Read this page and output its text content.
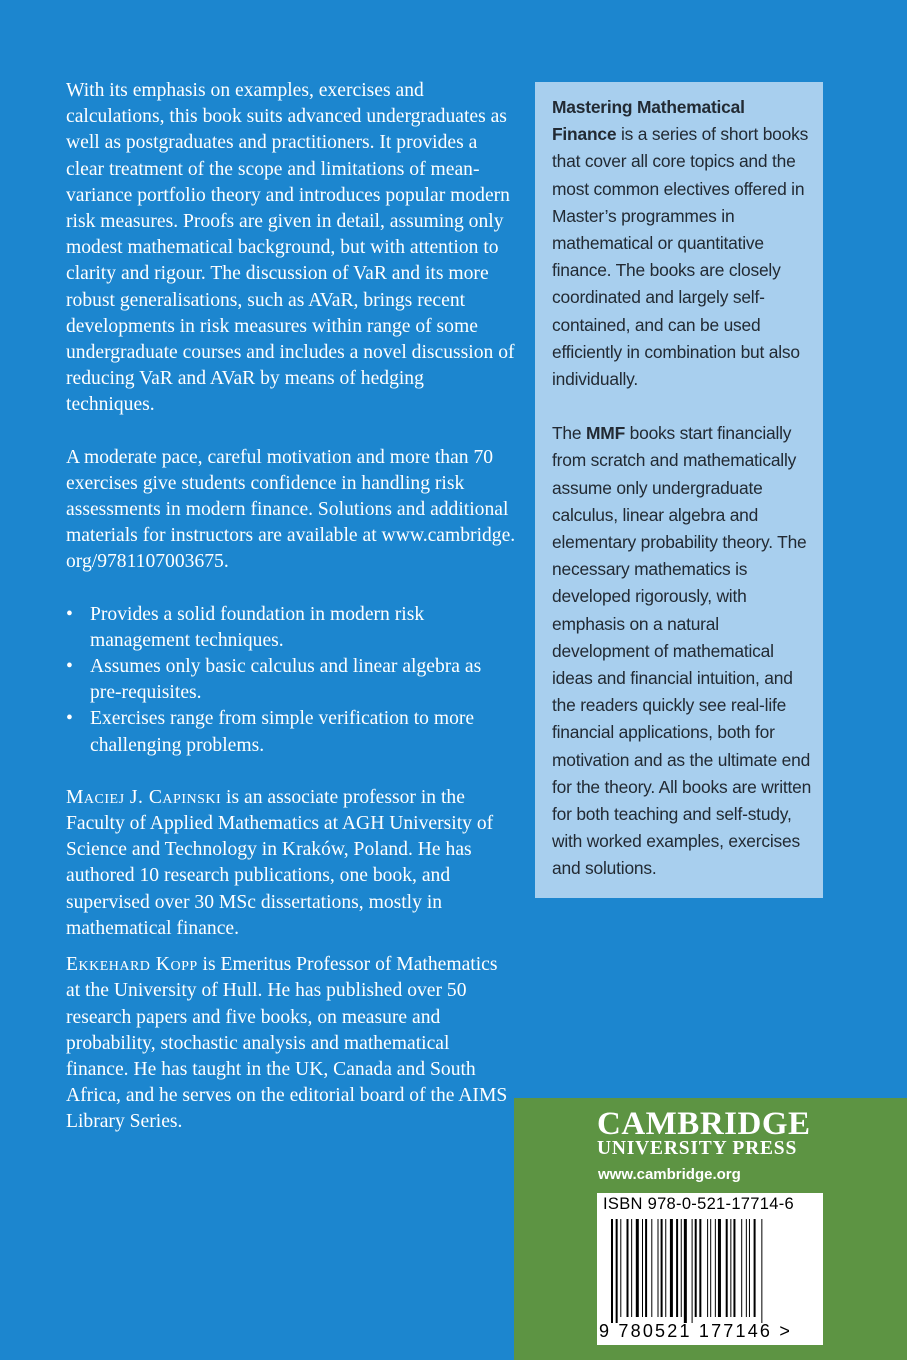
With its emphasis on examples, exercises and calculations, this book suits advanced undergraduates as well as postgraduates and practitioners. It provides a clear treatment of the scope and limitations of mean-variance portfolio theory and introduces popular modern risk measures. Proofs are given in detail, assuming only modest mathematical background, but with attention to clarity and rigour. The discussion of VaR and its more robust generalisations, such as AVaR, brings recent developments in risk measures within range of some undergraduate courses and includes a novel discussion of reducing VaR and AVaR by means of hedging techniques.

A moderate pace, careful motivation and more than 70 exercises give students confidence in handling risk assessments in modern finance. Solutions and additional materials for instructors are available at www.cambridge. org/9781107003675.

• Provides a solid foundation in modern risk management techniques.
• Assumes only basic calculus and linear algebra as pre-requisites.
• Exercises range from simple verification to more challenging problems.

Maciej J. Capinski is an associate professor in the Faculty of Applied Mathematics at AGH University of Science and Technology in Kraków, Poland. He has authored 10 research publications, one book, and supervised over 30 MSc dissertations, mostly in mathematical finance.

Ekkehard Kopp is Emeritus Professor of Mathematics at the University of Hull. He has published over 50 research papers and five books, on measure and probability, stochastic analysis and mathematical finance. He has taught in the UK, Canada and South Africa, and he serves on the editorial board of the AIMS Library Series.

Mastering Mathematical Finance is a series of short books that cover all core topics and the most common electives offered in Master’s programmes in mathematical or quantitative finance. The books are closely coordinated and largely self-contained, and can be used efficiently in combination but also individually.

The MMF books start financially from scratch and mathematically assume only undergraduate calculus, linear algebra and elementary probability theory. The necessary mathematics is developed rigorously, with emphasis on a natural development of mathematical ideas and financial intuition, and the readers quickly see real-life financial applications, both for motivation and as the ultimate end for the theory. All books are written for both teaching and self-study, with worked examples, exercises and solutions.

CAMBRIDGE
UNIVERSITY PRESS
www.cambridge.org
ISBN 978-0-521-17714-6
9 780521 177146 >
